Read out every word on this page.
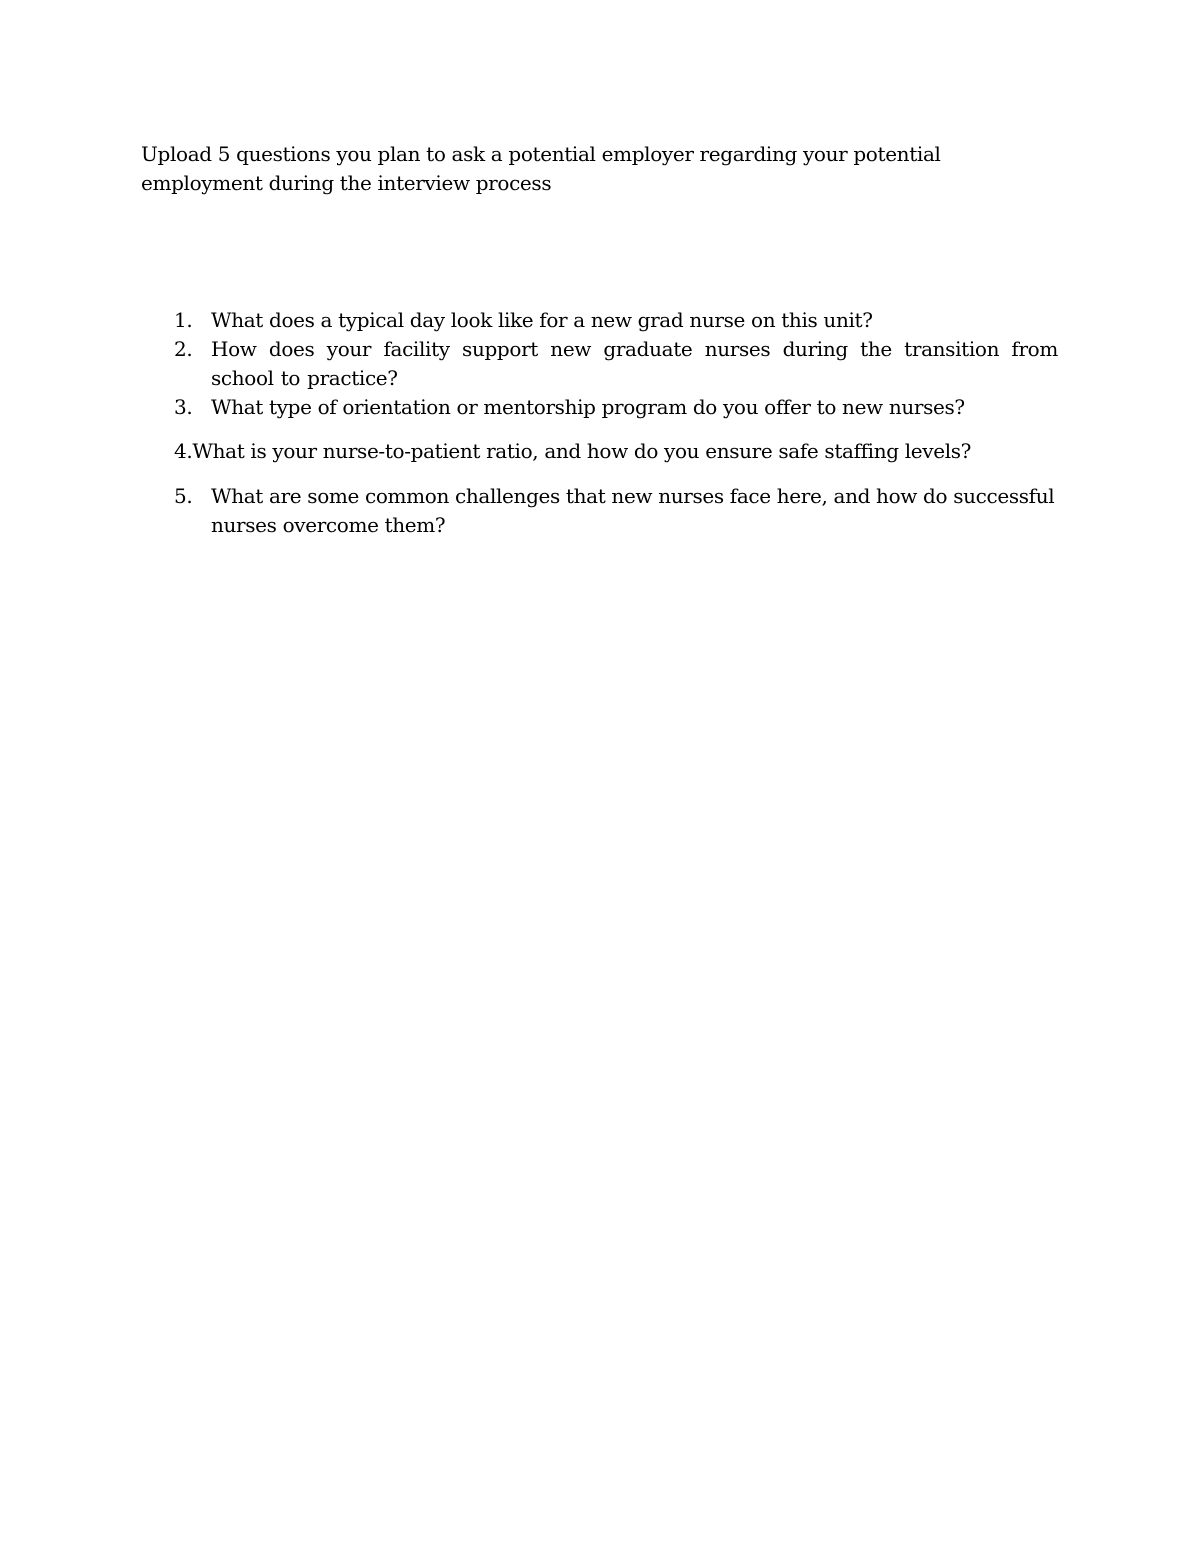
Upload 5 questions you plan to ask a potential employer regarding your potential employment during the interview process
1. What does a typical day look like for a new grad nurse on this unit?
2. How does your facility support new graduate nurses during the transition from school to practice?
3. What type of orientation or mentorship program do you offer to new nurses?
4.What is your nurse-to-patient ratio, and how do you ensure safe staffing levels?
5. What are some common challenges that new nurses face here, and how do successful nurses overcome them?
